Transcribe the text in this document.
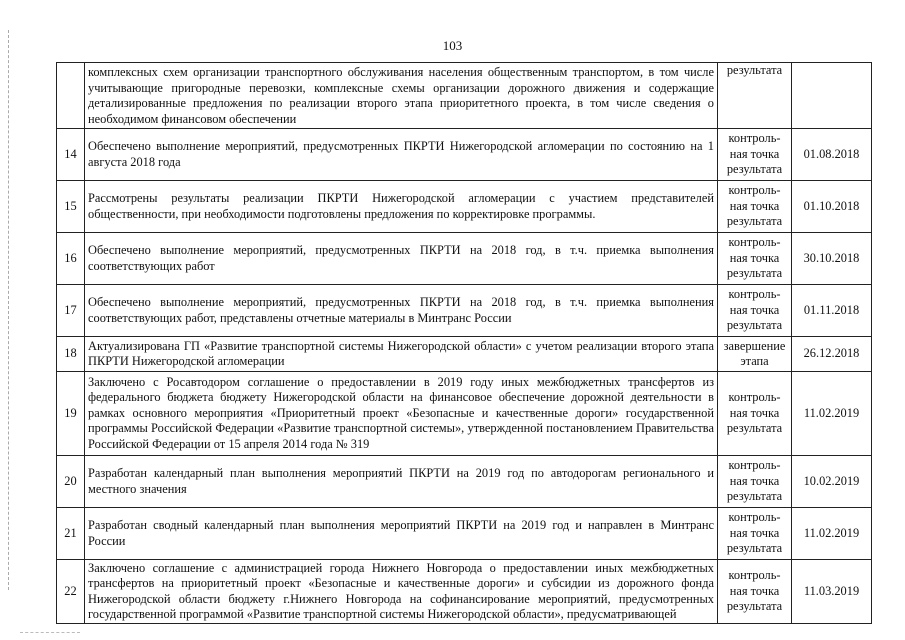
103
	комплексных схем организации транспортного обслуживания населения общественным транспортом, в том числе учитывающие пригородные перевозки, комплексные схемы организации дорожного движения и содержащие детализированные предложения по реализации второго этапа приоритетного проекта, в том числе сведения о необходимом финансовом обеспечении	результата	
14	Обеспечено выполнение мероприятий, предусмотренных ПКРТИ Нижегородской агломерации по состоянию на 1 августа 2018 года	контроль-ная точка результата	01.08.2018
15	Рассмотрены результаты реализации ПКРТИ Нижегородской агломерации с участием представителей общественности, при необходимости подготовлены предложения по корректировке программы.	контроль-ная точка результата	01.10.2018
16	Обеспечено выполнение мероприятий, предусмотренных ПКРТИ на 2018 год, в т.ч. приемка выполнения соответствующих работ	контроль-ная точка результата	30.10.2018
17	Обеспечено выполнение мероприятий, предусмотренных ПКРТИ на 2018 год, в т.ч. приемка выполнения соответствующих работ, представлены отчетные материалы в Минтранс России	контроль-ная точка результата	01.11.2018
18	Актуализирована ГП «Развитие транспортной системы Нижегородской области» с учетом реализации второго этапа ПКРТИ Нижегородской агломерации	завершение этапа	26.12.2018
19	Заключено с Росавтодором соглашение о предоставлении в 2019 году иных межбюджетных трансфертов из федерального бюджета бюджету Нижегородской области на финансовое обеспечение дорожной деятельности в рамках основного мероприятия «Приоритетный проект «Безопасные и качественные дороги» государственной программы Российской Федерации «Развитие транспортной системы», утвержденной постановлением Правительства Российской Федерации от 15 апреля 2014 года № 319	контроль-ная точка результата	11.02.2019
20	Разработан календарный план выполнения мероприятий ПКРТИ на 2019 год по автодорогам регионального и местного значения	контроль-ная точка результата	10.02.2019
21	Разработан сводный календарный план выполнения мероприятий ПКРТИ на 2019 год и направлен в Минтранс России	контроль-ная точка результата	11.02.2019
22	Заключено соглашение с администрацией города Нижнего Новгорода о предоставлении иных межбюджетных трансфертов на приоритетный проект «Безопасные и качественные дороги» и субсидии из дорожного фонда Нижегородской области бюджету г.Нижнего Новгорода на софинансирование мероприятий, предусмотренных государственной программой «Развитие транспортной системы Нижегородской области», предусматривающей	контроль-ная точка результата	11.03.2019
